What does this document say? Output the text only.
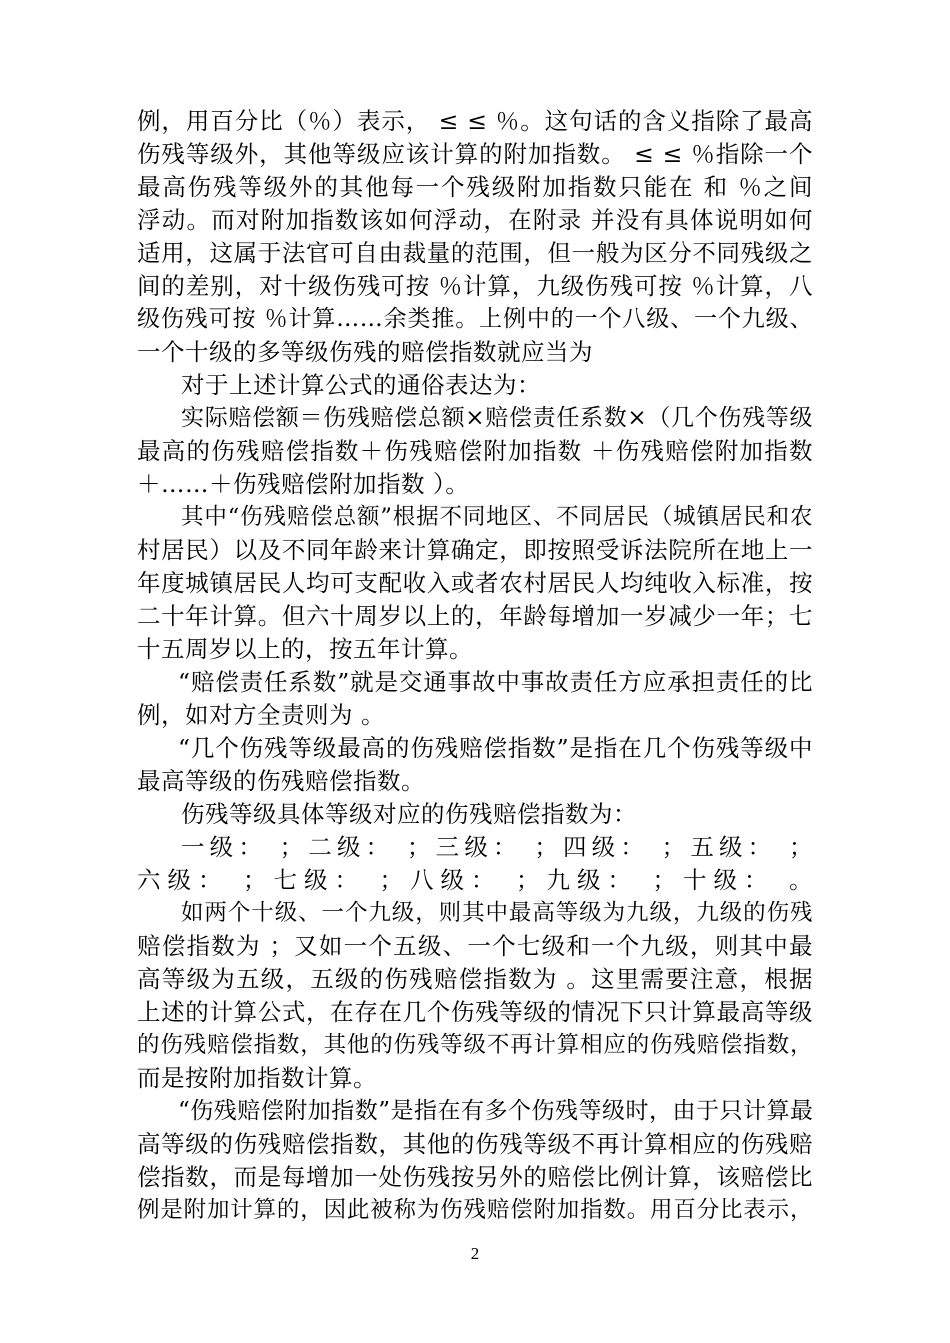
例，用百分比（％）表示， ≤ ≤ ％。这句话的含义指除了最高
伤残等级外，其他等级应该计算的附加指数。 ≤ ≤ ％指除一个
最高伤残等级外的其他每一个残级附加指数只能在 和 ％之间
浮动。而对附加指数该如何浮动，在附录 并没有具体说明如何
适用，这属于法官可自由裁量的范围，但一般为区分不同残级之
间的差别，对十级伤残可按 ％计算，九级伤残可按 ％计算，八
级伤残可按 ％计算……余类推。上例中的一个八级、一个九级、
一个十级的多等级伤残的赔偿指数就应当为
对于上述计算公式的通俗表达为：
实际赔偿额＝伤残赔偿总额×赔偿责任系数×（几个伤残等级
最高的伤残赔偿指数＋伤残赔偿附加指数 ＋伤残赔偿附加指数
＋……＋伤残赔偿附加指数 ）。
其中“伤残赔偿总额”根据不同地区、不同居民（城镇居民和农
村居民）以及不同年龄来计算确定，即按照受诉法院所在地上一
年度城镇居民人均可支配收入或者农村居民人均纯收入标准，按
二十年计算。但六十周岁以上的，年龄每增加一岁减少一年；七
十五周岁以上的，按五年计算。
“赔偿责任系数”就是交通事故中事故责任方应承担责任的比
例，如对方全责则为 。
“几个伤残等级最高的伤残赔偿指数”是指在几个伤残等级中
最高等级的伤残赔偿指数。
伤残等级具体等级对应的伤残赔偿指数为：
一级： ；二级： ；三级： ；四级： ；五级： ；
六级： ；七级： ；八级： ；九级： ；十级： 。
如两个十级、一个九级，则其中最高等级为九级，九级的伤残
赔偿指数为 ；又如一个五级、一个七级和一个九级，则其中最
高等级为五级，五级的伤残赔偿指数为 。这里需要注意，根据
上述的计算公式，在存在几个伤残等级的情况下只计算最高等级
的伤残赔偿指数，其他的伤残等级不再计算相应的伤残赔偿指数，
而是按附加指数计算。
“伤残赔偿附加指数”是指在有多个伤残等级时，由于只计算最
高等级的伤残赔偿指数，其他的伤残等级不再计算相应的伤残赔
偿指数，而是每增加一处伤残按另外的赔偿比例计算，该赔偿比
例是附加计算的，因此被称为伤残赔偿附加指数。用百分比表示，
2
